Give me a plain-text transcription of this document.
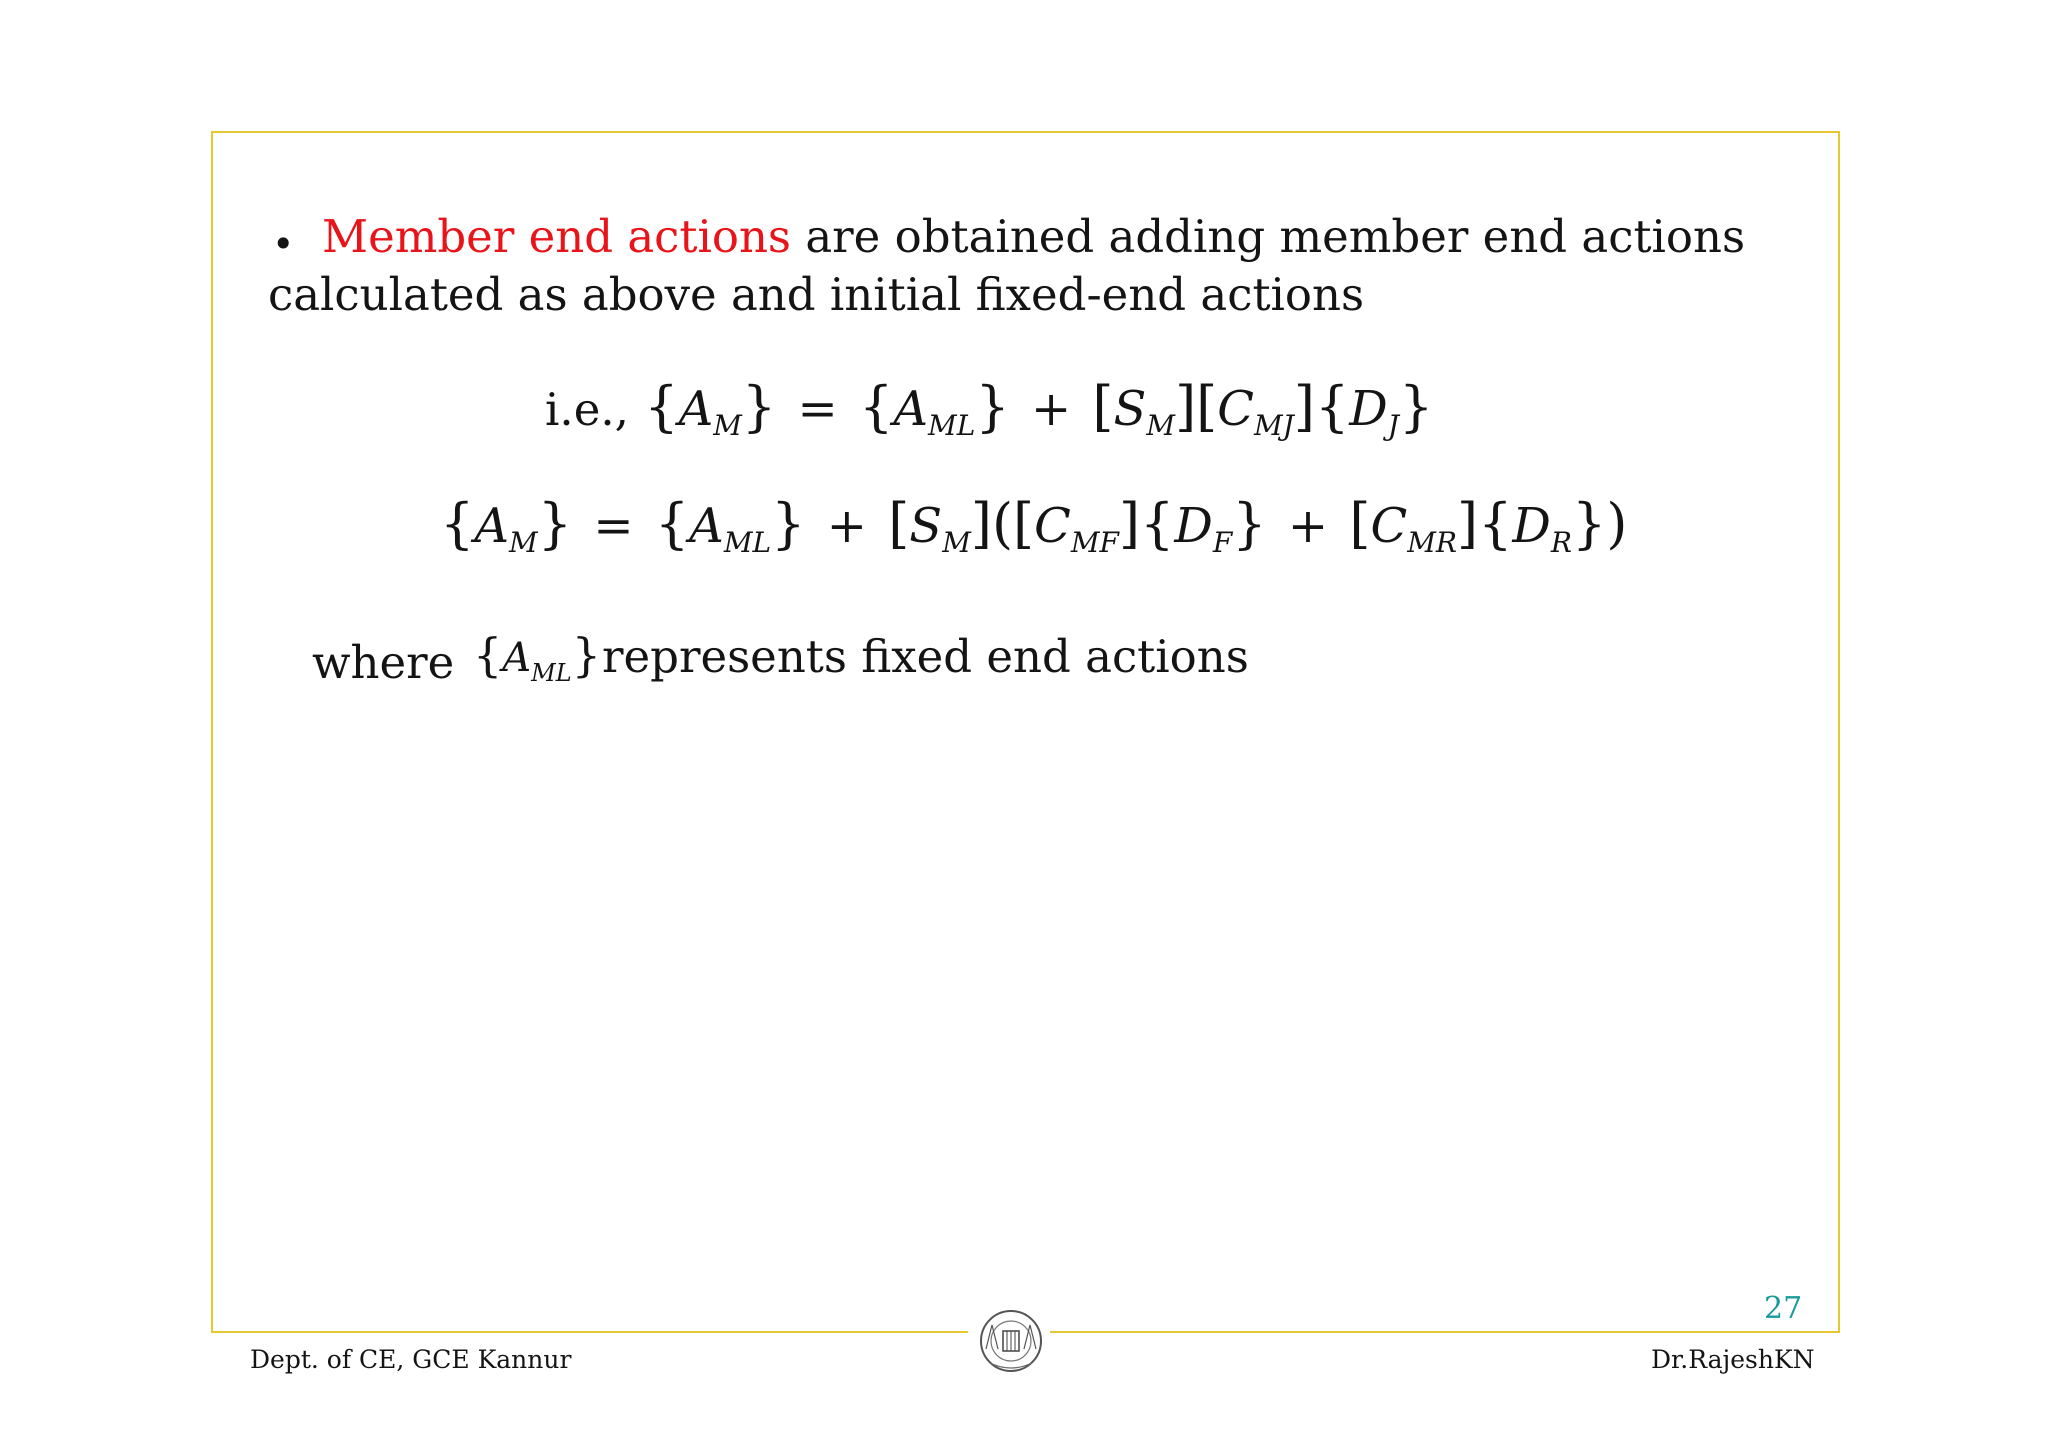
• Member end actions are obtained adding member end actions
calculated as above and initial fixed-end actions
i.e., $\{A_M\} = \{A_{ML}\} + [S_M][C_{MJ}]\{D_J\}$
$\{A_M\} = \{A_{ML}\} + [S_M]([C_{MF}]\{D_F\} + [C_{MR}]\{D_R\})$
where $\{A_{ML}\}$ represents fixed end actions
27
Dept. of CE, GCE Kannur	Dr.RajeshKN
